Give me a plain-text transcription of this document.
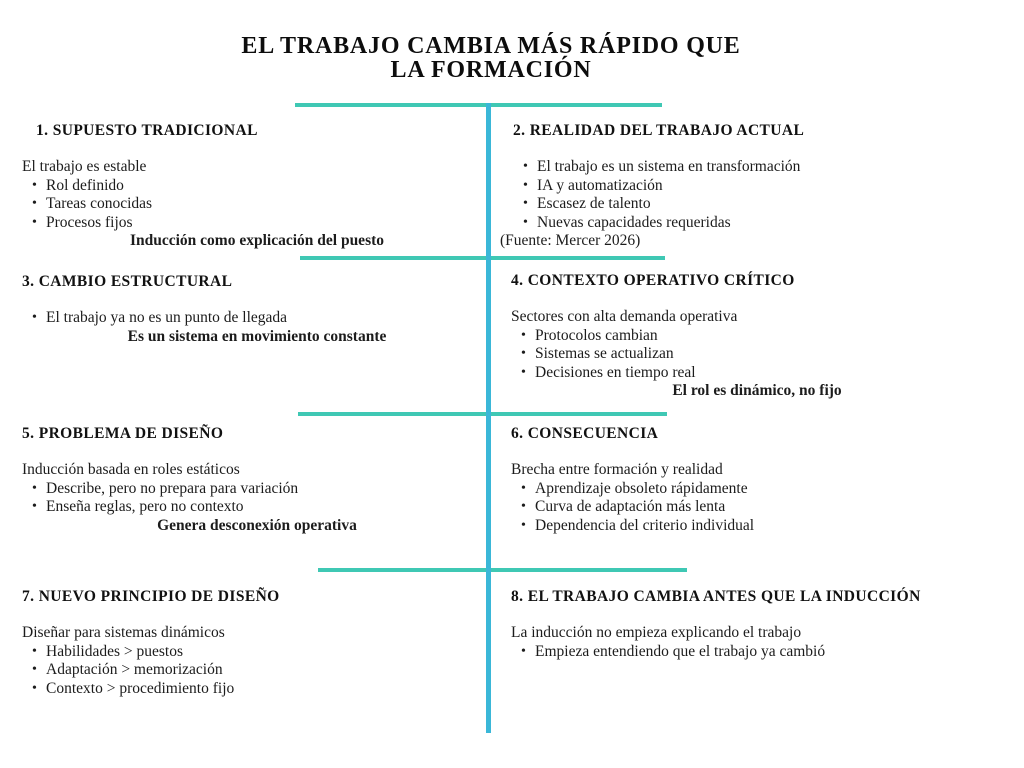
EL TRABAJO CAMBIA MÁS RÁPIDO QUE
LA FORMACIÓN
1. SUPUESTO TRADICIONAL

El trabajo es estable

• Rol definido
• Tareas conocidas
• Procesos fijos

Inducción como explicación del puesto

2. REALIDAD DEL TRABAJO ACTUAL
• El trabajo es un sistema en transformación
• IA y automatización
• Escasez de talento
• Nuevas capacidades requeridas

(Fuente: Mercer 2026)

3. CAMBIO ESTRUCTURAL
• El trabajo ya no es un punto de llegada

Es un sistema en movimiento constante

4. CONTEXTO OPERATIVO CRÍTICO

Sectores con alta demanda operativa

• Protocolos cambian
• Sistemas se actualizan
• Decisiones en tiempo real

El rol es dinámico, no fijo

5. PROBLEMA DE DISEÑO

Inducción basada en roles estáticos

• Describe, pero no prepara para variación
• Enseña reglas, pero no contexto

Genera desconexión operativa

6. CONSECUENCIA

Brecha entre formación y realidad

• Aprendizaje obsoleto rápidamente
• Curva de adaptación más lenta
• Dependencia del criterio individual
7. NUEVO PRINCIPIO DE DISEÑO

Diseñar para sistemas dinámicos

• Habilidades > puestos
• Adaptación > memorización
• Contexto > procedimiento fijo
8. EL TRABAJO CAMBIA ANTES QUE LA INDUCCIÓN

La inducción no empieza explicando el trabajo

• Empieza entendiendo que el trabajo ya cambió
